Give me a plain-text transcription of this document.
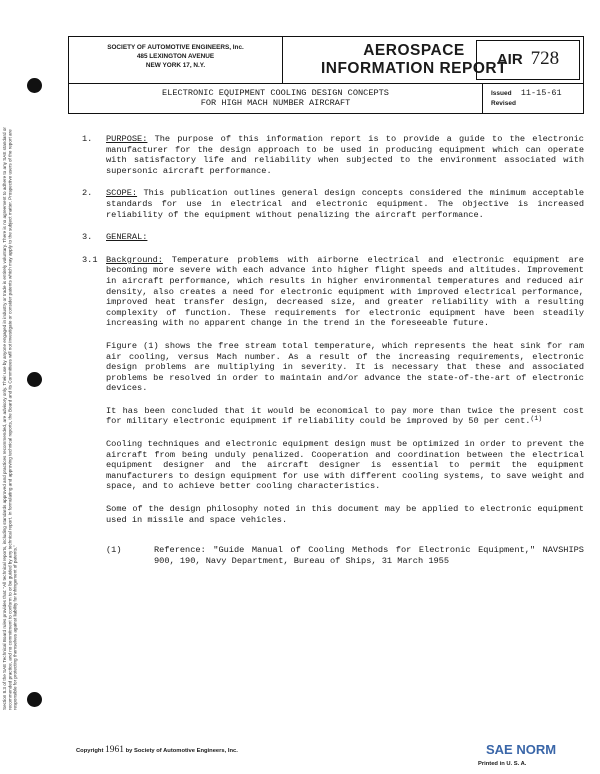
Section 8.3 of the SAE Technical Board rules provides that: "All technical reports, including standards approved and practices recommended, are advisory only. Their use by anyone engaged in industry or trade is entirely voluntary. There is no agreement to adhere to any SAE standard or recommended practice, and no commitment to conform to or be guided by any technical report. In formulating and approving technical reports, the Board and its Committees will not investigate or consider patents which may apply to the subject matter. Prospective users of the report are responsible for protecting themselves against liability for infringement of patents."
SOCIETY OF AUTOMOTIVE ENGINEERS, Inc.
485 LEXINGTON AVENUE
NEW YORK 17, N.Y.
AEROSPACE
INFORMATION REPORT
AIR 728
ELECTRONIC EQUIPMENT COOLING DESIGN CONCEPTS
FOR HIGH MACH NUMBER AIRCRAFT
Issued 11-15-61
Revised
1. PURPOSE: The purpose of this information report is to provide a guide to the electronic manufacturer for the design approach to be used in producing equipment which can operate with satisfactory life and reliability when subjected to the environment associated with supersonic aircraft performance.
2. SCOPE: This publication outlines general design concepts considered the minimum acceptable standards for use in electrical and electronic equipment. The objective is increased reliability of the equipment without penalizing the aircraft performance.
3. GENERAL:
3.1 Background: Temperature problems with airborne electrical and electronic equipment are becoming more severe with each advance into higher flight speeds and altitudes. Improvement in aircraft performance, which results in higher environmental temperatures and reduced air density, also creates a need for electronic equipment with improved electrical performance, improved heat transfer design, decreased size, and greater reliability with a resulting complexity of function. These requirements for electronic equipment have been steadily increasing with no apparent change in the trend in the foreseeable future.
Figure (1) shows the free stream total temperature, which represents the heat sink for ram air cooling, versus Mach number. As a result of the increasing requirements, electronic design problems are multiplying in severity. It is necessary that these and associated problems be resolved in order to maintain and/or advance the state-of-the-art of electronic devices.
It has been concluded that it would be economical to pay more than twice the present cost for military electronic equipment if reliability could be improved by 50 per cent.$^{(1)}$
Cooling techniques and electronic equipment design must be optimized in order to prevent the aircraft from being unduly penalized. Cooperation and coordination between the electrical equipment designer and the aircraft designer is essential to permit the equipment manufacturers to design equipment for use with different cooling systems, to save weight and space, and to achieve better cooling characteristics.
Some of the design philosophy noted in this document may be applied to electronic equipment used in missile and space vehicles.
(1)	Reference: "Guide Manual of Cooling Methods for Electronic Equipment," NAVSHIPS 900, 190, Navy Department, Bureau of Ships, 31 March 1955
Copyright 1961 by Society of Automotive Engineers, Inc.	SAE NORM
Printed in U. S. A.
